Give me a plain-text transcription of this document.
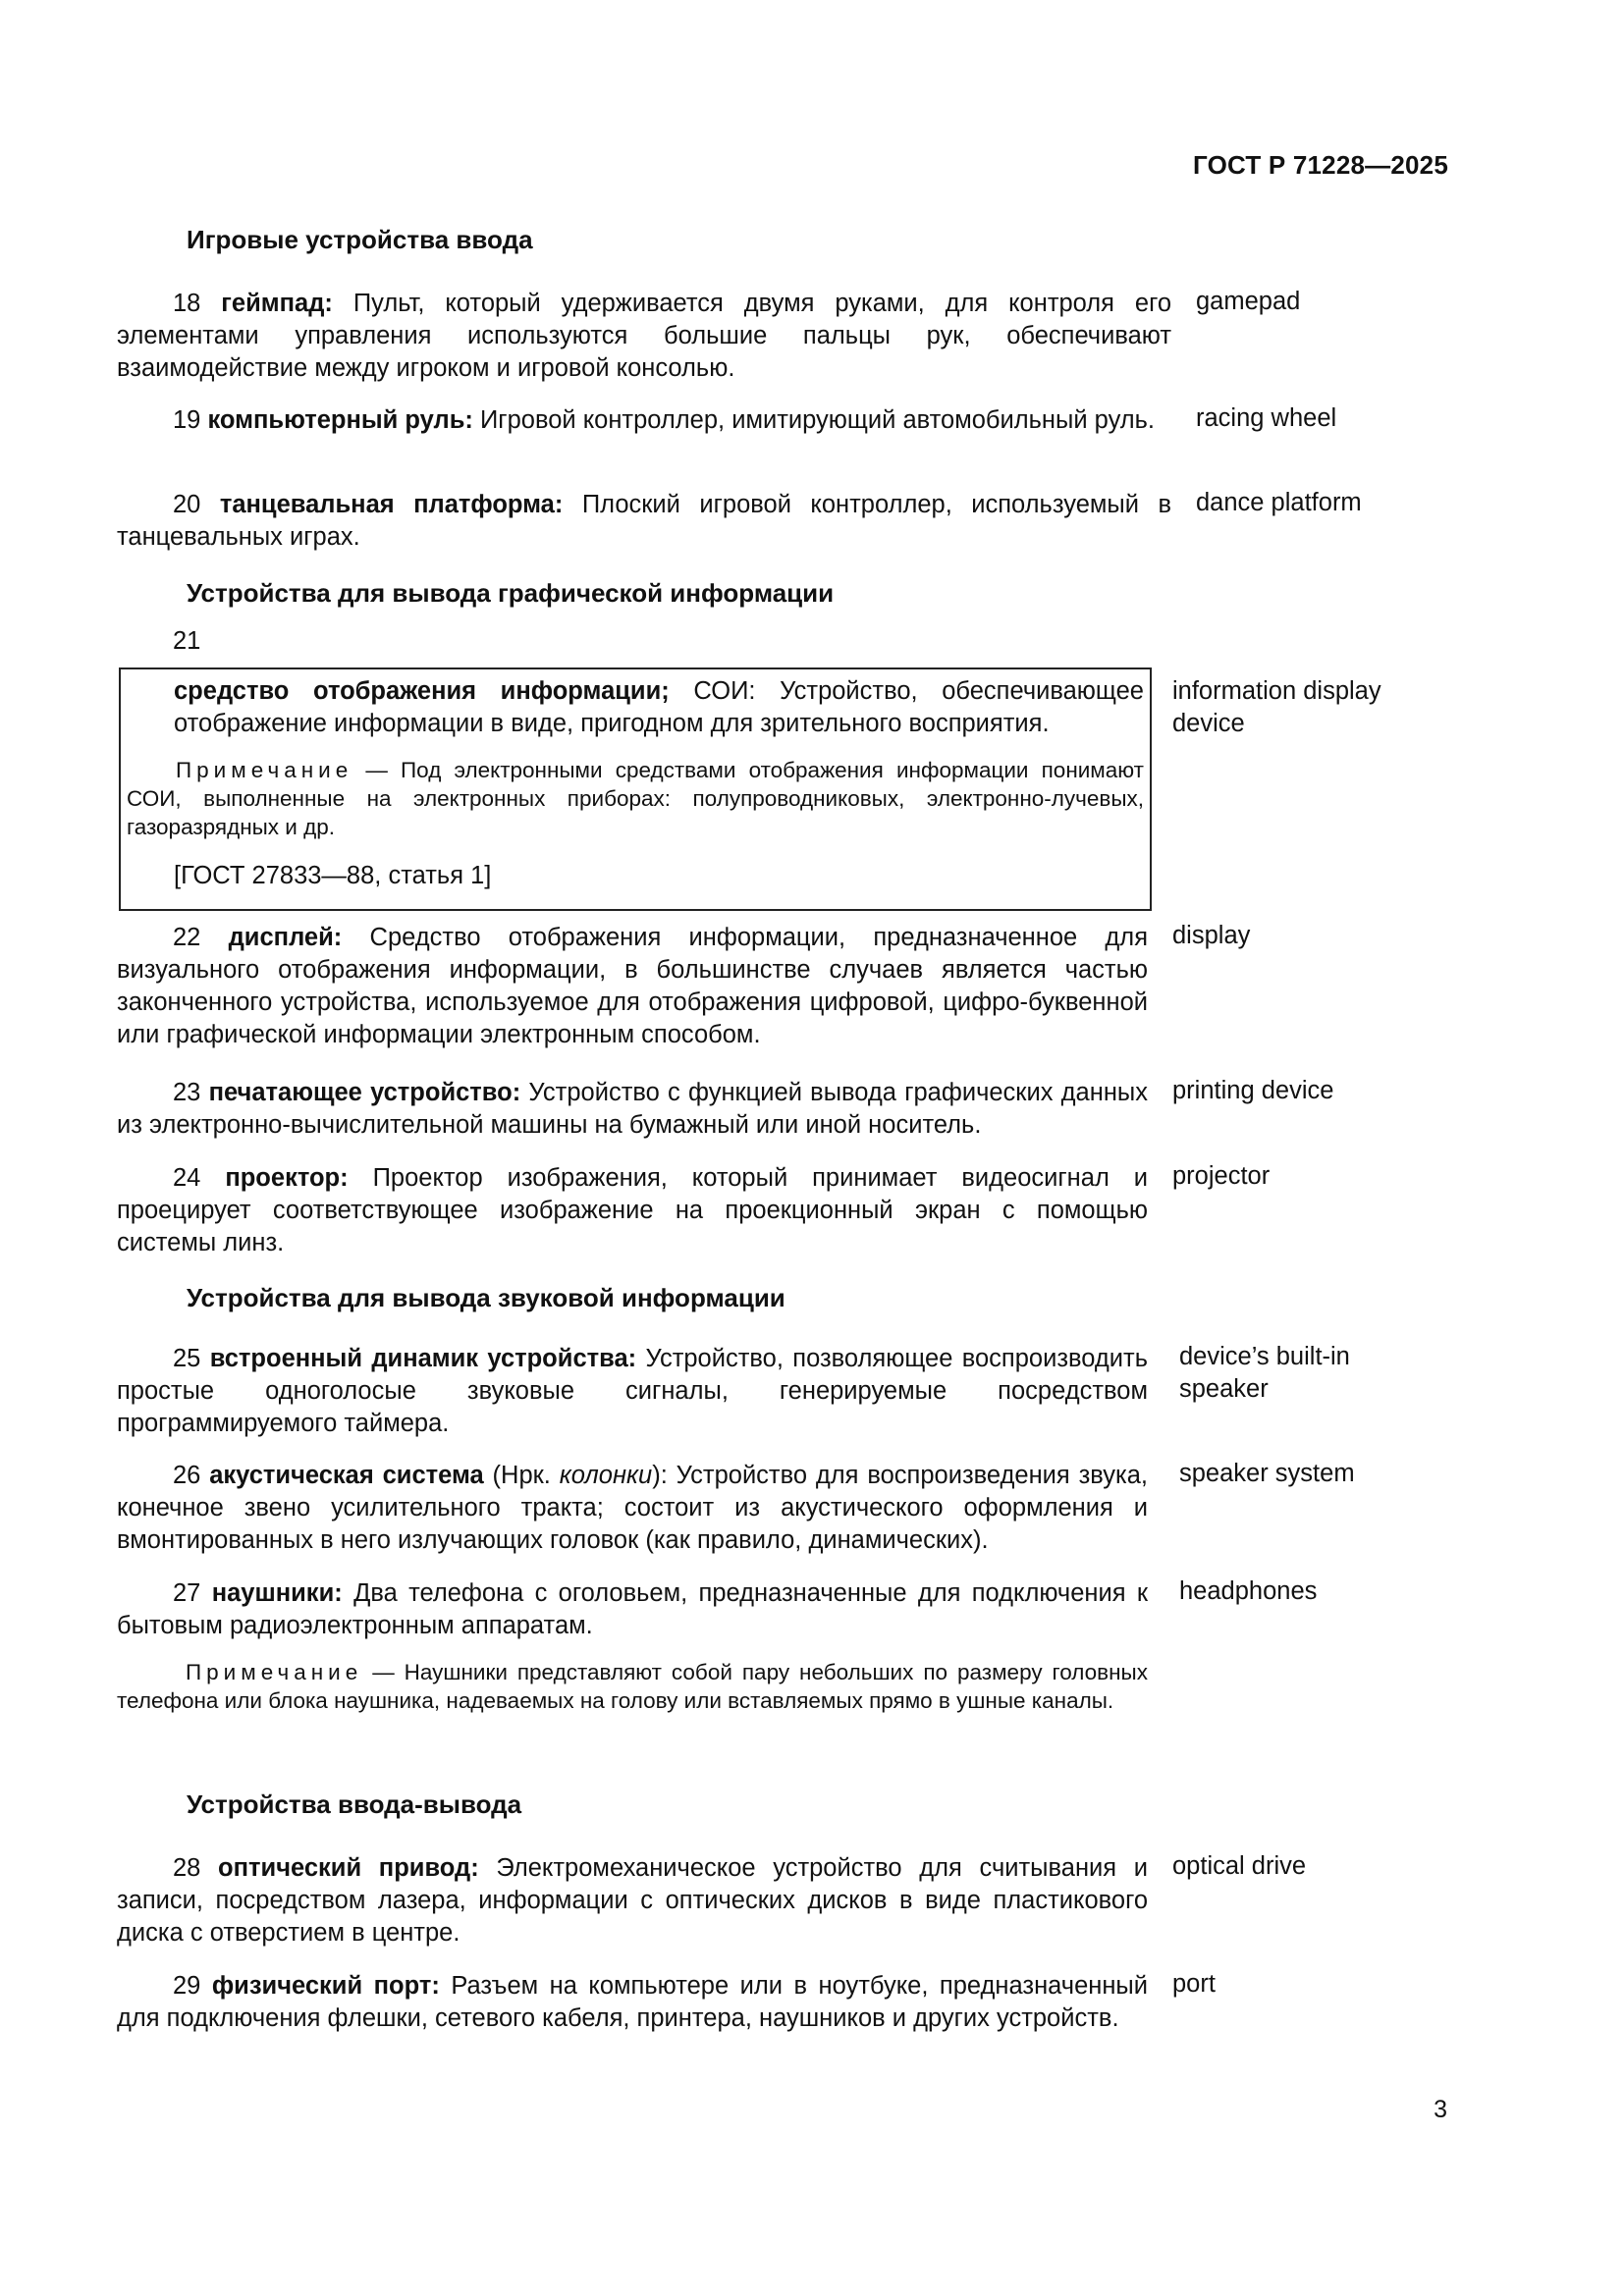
ГОСТ Р 71228—2025
Игровые устройства ввода
18 геймпад: Пульт, который удерживается двумя руками, для контроля его элементами управления используются большие пальцы рук, обеспечивают взаимодействие между игроком и игровой консолью.
gamepad
19 компьютерный руль: Игровой контроллер, имитирующий автомобильный руль.	racing wheel
20 танцевальная платформа: Плоский игровой контроллер, используемый в танцевальных играх.
dance platform
Устройства для вывода графической информации
21
средство отображения информации; СОИ: Устройство, обеспечивающее отображение информации в виде, пригодном для зрительного восприятия.
Примечание — Под электронными средствами отображения информации понимают СОИ, выполненные на электронных приборах: полупроводниковых, электронно-лучевых, газоразрядных и др.
[ГОСТ 27833—88, статья 1]
information display device
22 дисплей: Средство отображения информации, предназначенное для визуального отображения информации, в большинстве случаев является частью законченного устройства, используемое для отображения цифровой, цифро-буквенной или графической информации электронным способом.
display
23 печатающее устройство: Устройство с функцией вывода графических данных из электронно-вычислительной машины на бумажный или иной носитель.
printing device
24 проектор: Проектор изображения, который принимает видеосигнал и проецирует соответствующее изображение на проекционный экран с помощью системы линз.
projector
Устройства для вывода звуковой информации
25 встроенный динамик устройства: Устройство, позволяющее воспроизводить простые одноголосые звуковые сигналы, генерируемые посредством программируемого таймера.
device’s built-in speaker
26 акустическая система (Нрк. колонки): Устройство для воспроизведения звука, конечное звено усилительного тракта; состоит из акустического оформления и вмонтированных в него излучающих головок (как правило, динамических).
speaker system
27 наушники: Два телефона с оголовьем, предназначенные для подключения к бытовым радиоэлектронным аппаратам.
Примечание — Наушники представляют собой пару небольших по размеру головных телефона или блока наушника, надеваемых на голову или вставляемых прямо в ушные каналы.
headphones
Устройства ввода-вывода
28 оптический привод: Электромеханическое устройство для считывания и записи, посредством лазера, информации с оптических дисков в виде пластикового диска с отверстием в центре.
optical drive
29 физический порт: Разъем на компьютере или в ноутбуке, предназначенный для подключения флешки, сетевого кабеля, принтера, наушников и других устройств.
port
3
